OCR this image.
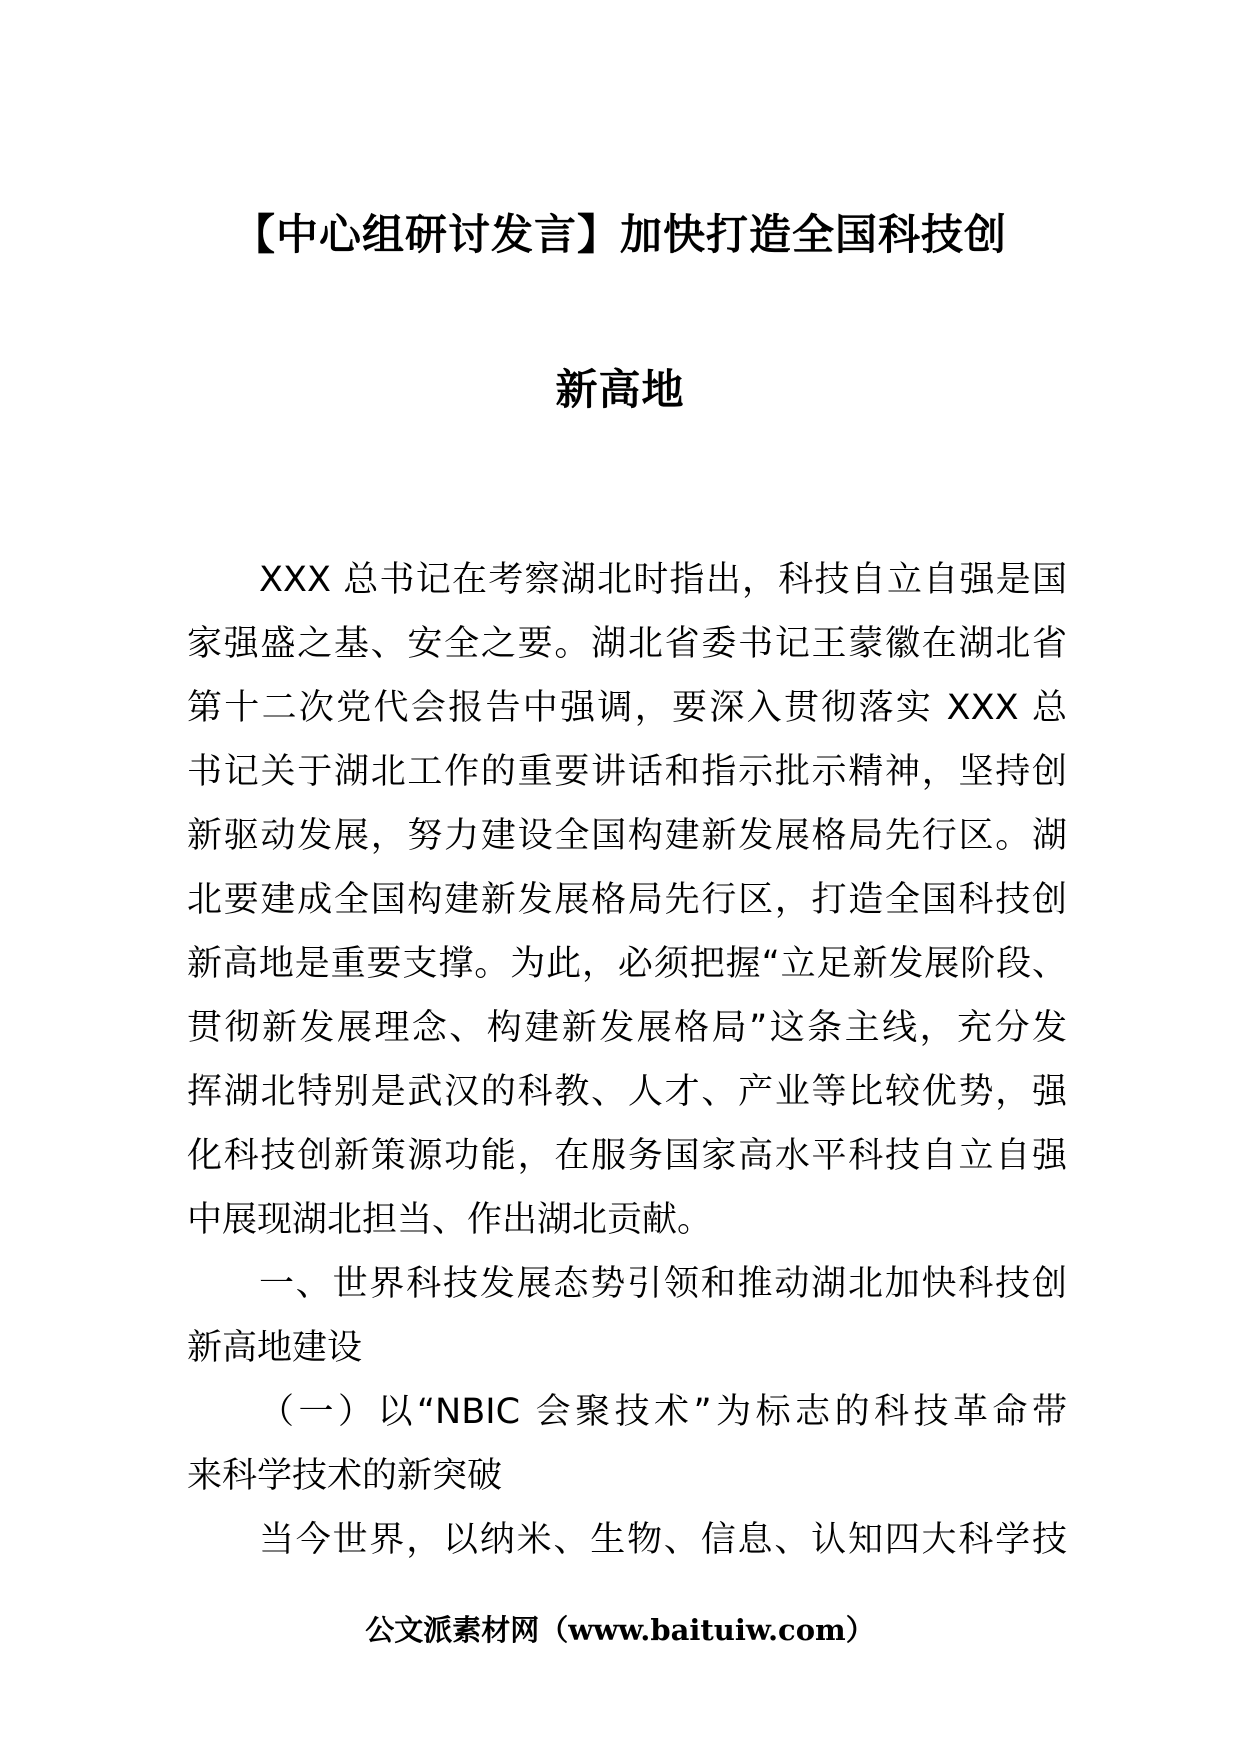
【中心组研讨发言】加快打造全国科技创
新高地
XXX 总书记在考察湖北时指出，科技自立自强是国
家强盛之基、安全之要。湖北省委书记王蒙徽在湖北省
第十二次党代会报告中强调，要深入贯彻落实 XXX 总
书记关于湖北工作的重要讲话和指示批示精神，坚持创
新驱动发展，努力建设全国构建新发展格局先行区。湖
北要建成全国构建新发展格局先行区，打造全国科技创
新高地是重要支撑。为此，必须把握“立足新发展阶段、
贯彻新发展理念、构建新发展格局”这条主线，充分发
挥湖北特别是武汉的科教、人才、产业等比较优势，强
化科技创新策源功能，在服务国家高水平科技自立自强
中展现湖北担当、作出湖北贡献。
一、世界科技发展态势引领和推动湖北加快科技创
新高地建设
（一）以“NBIC 会聚技术”为标志的科技革命带
来科学技术的新突破
当今世界，以纳米、生物、信息、认知四大科学技
公文派素材网（www.baituiw.com）
